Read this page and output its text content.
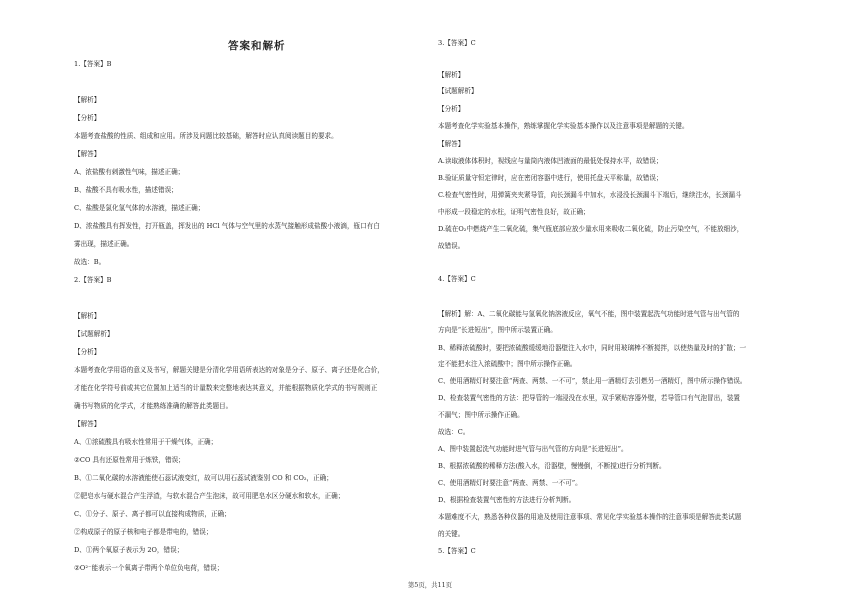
答案和解析
1.【答案】B
【解析】
【分析】
本题考查盐酸的性质、组成和应用。所涉及问题比较基础，解答时应认真阅读题目的要求。
【解答】
A、浓盐酸有刺激性气味，描述正确；
B、盐酸不具有吸水性，描述错误；
C、盐酸是氯化氢气体的水溶液，描述正确；
D、浓盐酸具有挥发性，打开瓶盖，挥发出的 HCl 气体与空气里的水蒸气接触形成盐酸小液滴，瓶口有白
雾出现，描述正确。
故选：B。
2.【答案】B
【解析】
【试题解析】
【分析】
本题考查化学用语的意义及书写，解题关键是分清化学用语所表达的对象是分子、原子、离子还是化合价，
才能在化学符号前或其它位置加上适当的计量数来完整地表达其意义，并能根据物质化学式的书写规则正
确书写物质的化学式，才能熟练准确的解答此类题目。
【解答】
A、①浓硫酸具有吸水性常用于干燥气体，正确；
②CO 具有还原性常用于炼铁，错误；
B、①二氧化碳的水溶液能使石蕊试液变红，故可以用石蕊试液鉴别 CO 和 CO₂，正确；
②肥皂水与硬水混合产生浮渣，与软水混合产生泡沫，故可用肥皂水区分硬水和软水，正确；
C、①分子、原子、离子都可以直接构成物质，正确；
②构成原子的原子核和电子都是带电的，错误；
D、①两个氧原子表示为 2O，错误；
②O²⁻能表示一个氧离子带两个单位负电荷，错误；
3.【答案】C
【解析】
【试题解析】
【分析】
本题考查化学实验基本操作，熟练掌握化学实验基本操作以及注意事项是解题的关键。
【解答】
A.读取液体体积时，视线应与量筒内液体凹液面的最低处保持水平，故错误；
B.验证质量守恒定律时，应在密闭容器中进行，使用托盘天平称量，故错误；
C.检查气密性时，用弹簧夹夹紧导管，向长颈漏斗中加水，水浸没长颈漏斗下端后，继续注水，长颈漏斗
中形成一段稳定的水柱，证明气密性良好，故正确；
D.硫在O₂中燃烧产生二氧化硫，集气瓶底部应放少量水用来吸收二氧化硫，防止污染空气，不能放细沙，
故错误。
4.【答案】C
【解析】解：A、二氧化碳能与氢氧化钠溶液反应，氧气不能，图中装置起洗气功能时进气管与出气管的
方向是“长进短出”，图中所示装置正确。
B、稀释浓硫酸时，要把浓硫酸缓缓地沿器壁注入水中，同时用玻璃棒不断搅拌，以使热量及时的扩散；一
定不能把水注入浓硫酸中；图中所示操作正确。
C、使用酒精灯时要注意“两查、两禁、一不可”，禁止用一酒精灯去引燃另一酒精灯，图中所示操作错误。
D、检查装置气密性的方法：把导管的一端浸没在水里，双手紧贴容器外壁，若导管口有气泡冒出，装置
不漏气；图中所示操作正确。
故选：C。
A、图中装置起洗气功能时进气管与出气管的方向是“长进短出”。
B、根据浓硫酸的稀释方法(酸入水，沿器壁，慢慢倒，不断搅)进行分析判断。
C、使用酒精灯时要注意“两查、两禁、一不可”。
D、根据检查装置气密性的方法进行分析判断。
本题难度不大，熟悉各种仪器的用途及使用注意事项、常见化学实验基本操作的注意事项是解答此类试题
的关键。
5.【答案】C
第5页，共11页
